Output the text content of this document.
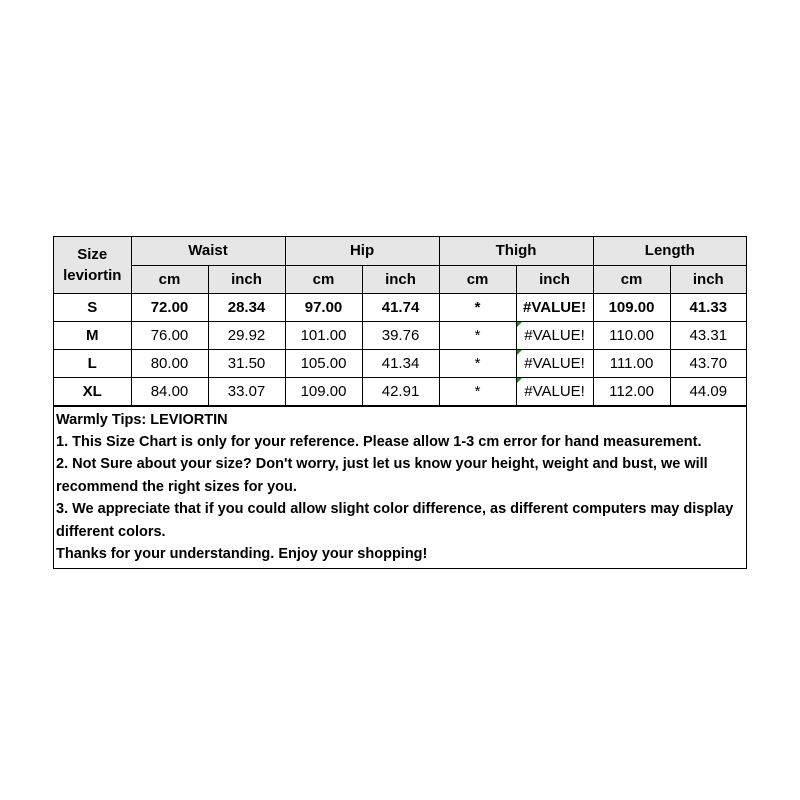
Size
leviortin	Waist		Hip		Thigh		Length	
	cm	inch	cm	inch	cm	inch	cm	inch
S	72.00	28.34	97.00	41.74	*	#VALUE!	109.00	41.33
M	76.00	29.92	101.00	39.76	*	#VALUE!	110.00	43.31
L	80.00	31.50	105.00	41.34	*	#VALUE!	111.00	43.70
XL	84.00	33.07	109.00	42.91	*	#VALUE!	112.00	44.09
Warmly Tips: LEVIORTIN
1. This Size Chart is only for your reference. Please allow 1-3 cm error for hand measurement.
2. Not Sure about your size? Don't worry, just let us know your height, weight and bust, we will recommend the right sizes for you.
3. We appreciate that if you could allow slight color difference, as different computers may display different colors.
Thanks for your understanding. Enjoy your shopping!
